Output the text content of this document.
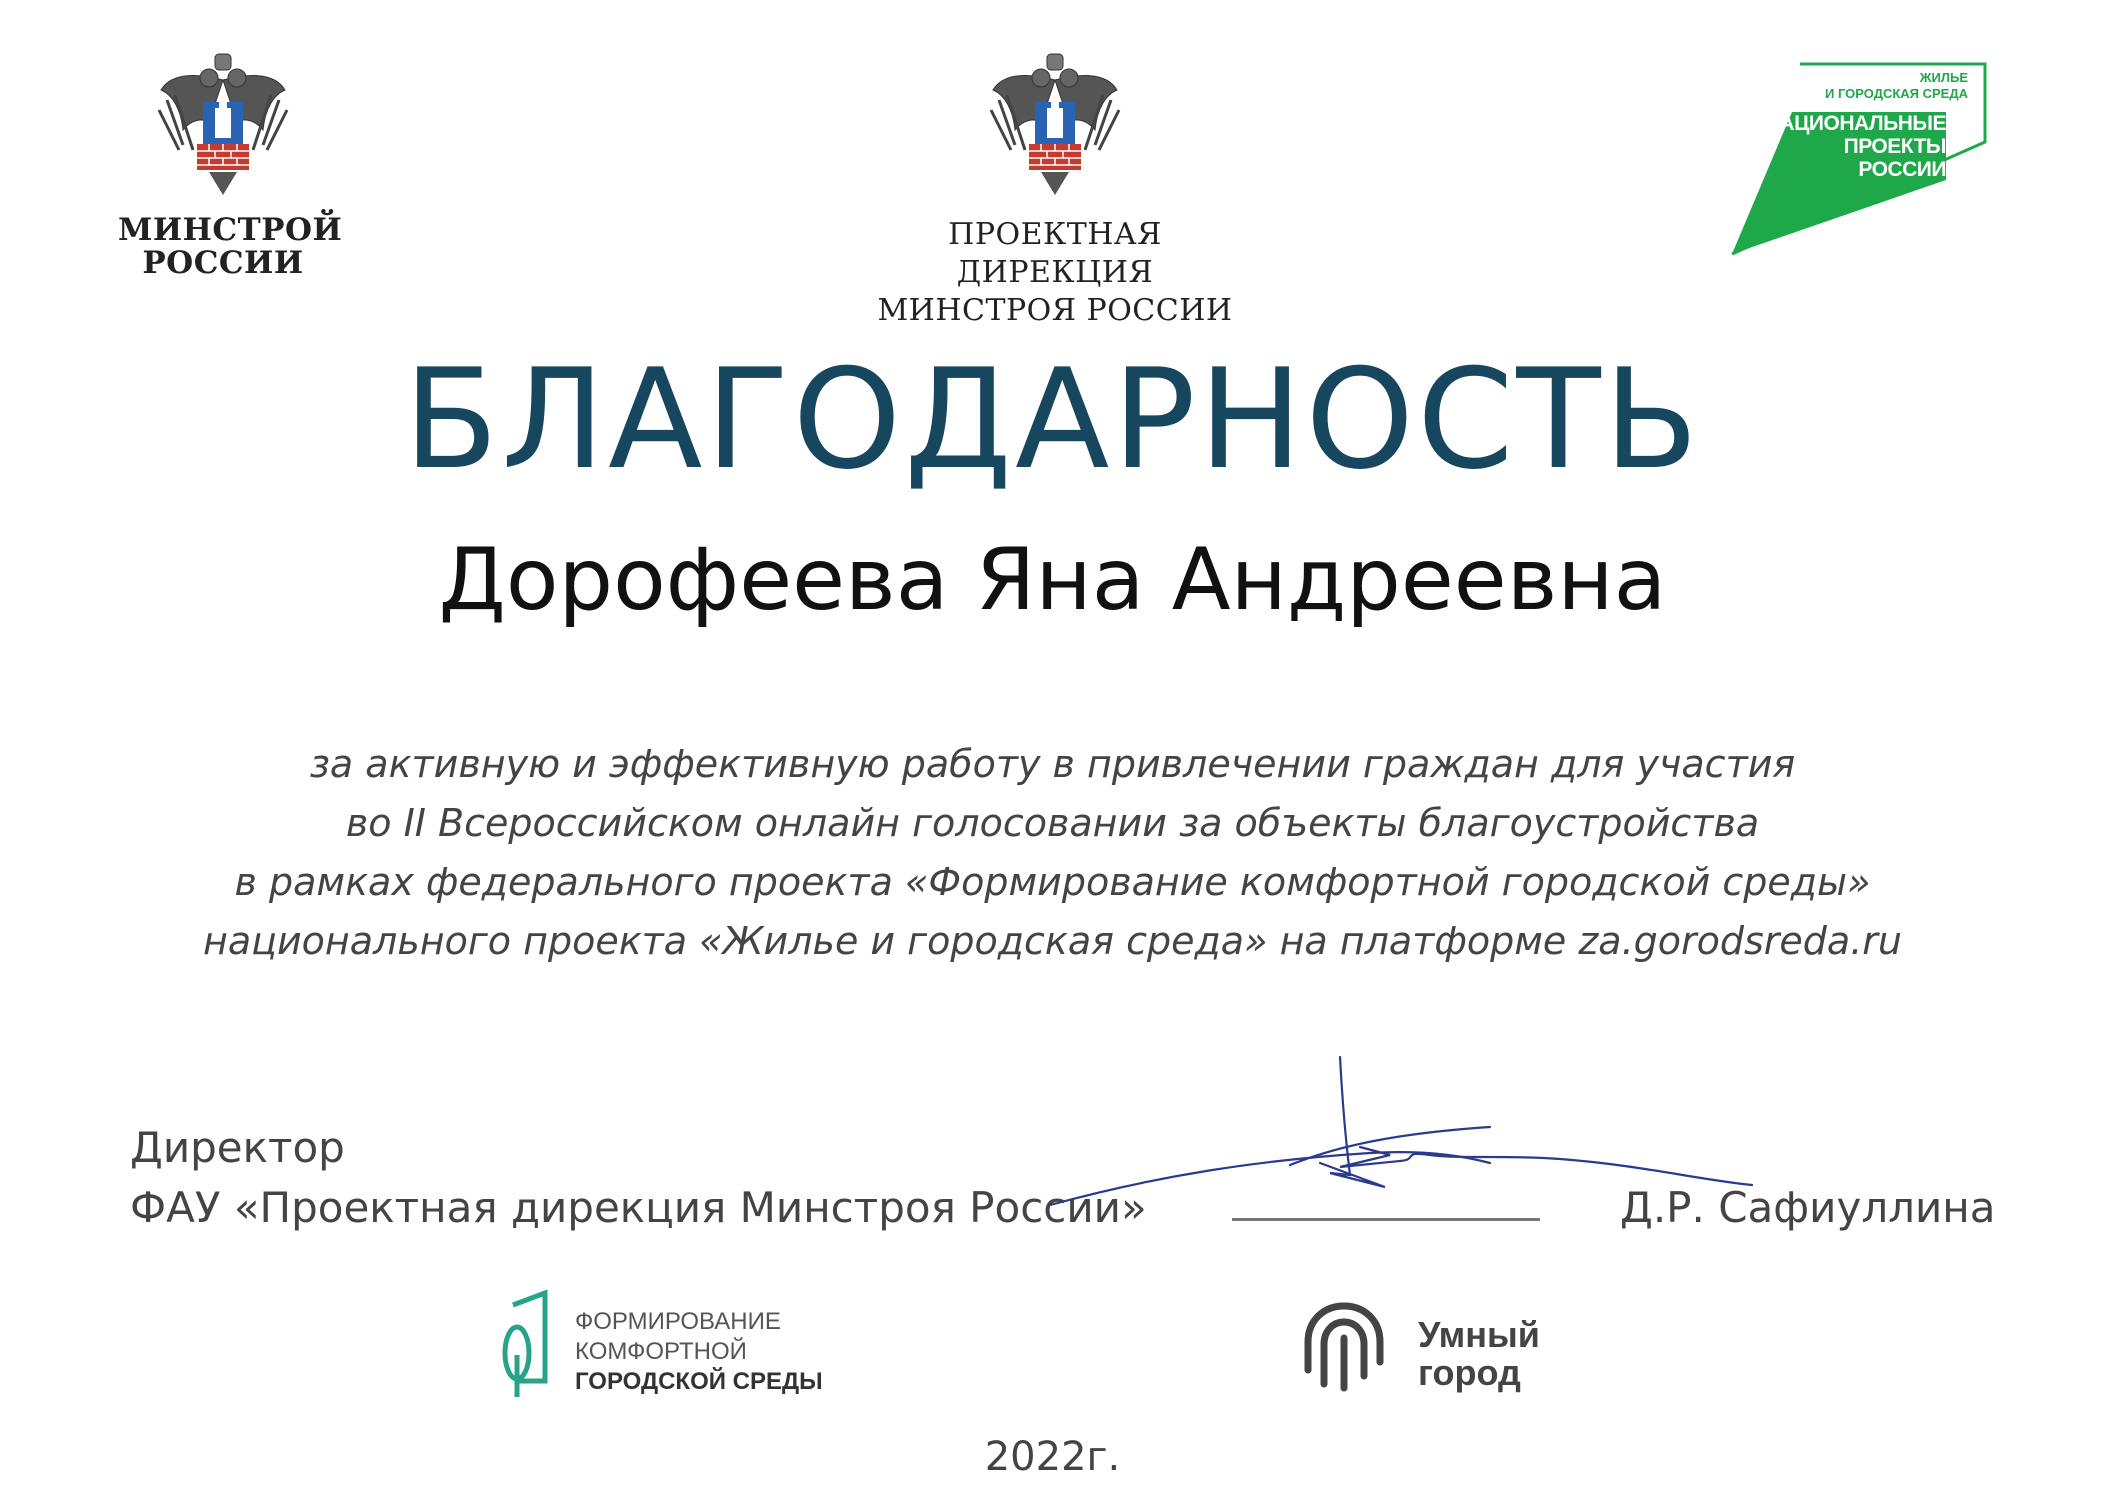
МИНСТРОЙ
РОССИИ
ПРОЕКТНАЯ ДИРЕКЦИЯ
МИНСТРОЯ РОССИИ
ЖИЛЬЕ
И ГОРОДСКАЯ СРЕДА
НАЦИОНАЛЬНЫЕ
ПРОЕКТЫ
РОССИИ
БЛАГОДАРНОСТЬ
Дорофеева Яна Андреевна
за активную и эффективную работу в привлечении граждан для участия
во II Всероссийском онлайн голосовании за объекты благоустройства
в рамках федерального проекта «Формирование комфортной городской среды»
национального проекта «Жилье и городская среда» на платформе za.gorodsreda.ru
Директор
ФАУ «Проектная дирекция Минстроя России»	Д.Р. Сафиуллина
ФОРМИРОВАНИЕ
КОМФОРТНОЙ
ГОРОДСКОЙ СРЕДЫ
Умный
город
2022г.
